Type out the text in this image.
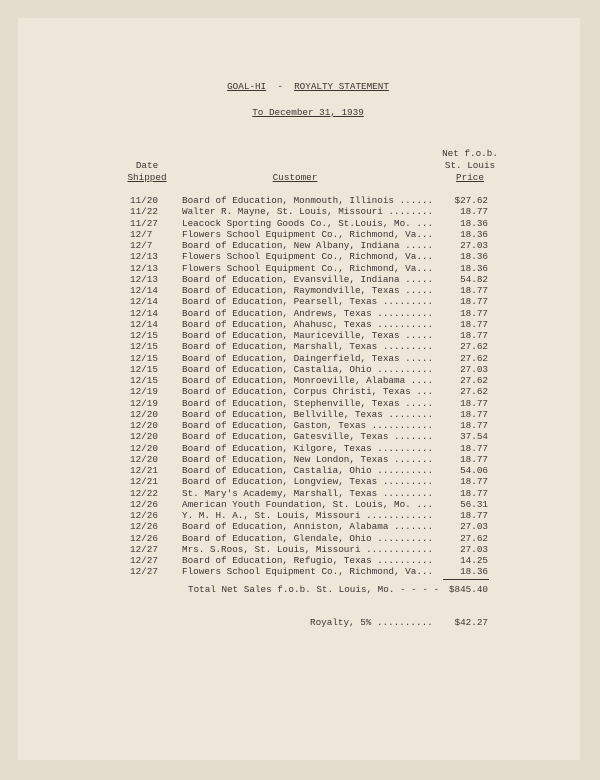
GOAL-HI - ROYALTY STATEMENT
To December 31, 1939
Date
Shipped	Customer
Net f.o.b.
St. Louis
Price
11/20	Board of Education, Monmouth, Illinois ...... $27.62
11/22	Walter R. Mayne, St. Louis, Missouri ........	18.77
11/27	Leacock Sporting Goods Co., St.Louis, Mo. ...	18.36
12/7	Flowers School Equipment Co., Richmond, Va...	18.36
12/7	Board of Education, New Albany, Indiana .....	27.03
12/13	Flowers School Equipment Co., Richmond, Va...	18.36
12/13	Flowers School Equipment Co., Richmond, Va...	18.36
12/13	Board of Education, Evansville, Indiana .....	54.82
12/14	Board of Education, Raymondville, Texas .....	18.77
12/14	Board of Education, Pearsell, Texas .........	18.77
12/14	Board of Education, Andrews, Texas ..........	18.77
12/14	Board of Education, Ahahusc, Texas ..........	18.77
12/15	Board of Education, Mauriceville, Texas .....	18.77
12/15	Board of Education, Marshall, Texas .........	27.62
12/15	Board of Education, Daingerfield, Texas .....	27.62
12/15	Board of Education, Castalia, Ohio ..........	27.03
12/15	Board of Education, Monroeville, Alabama ....	27.62
12/19	Board of Education, Corpus Christi, Texas ...	27.62
12/19	Board of Education, Stephenville, Texas .....	18.77
12/20	Board of Education, Bellville, Texas ........	18.77
12/20	Board of Education, Gaston, Texas ...........	18.77
12/20	Board of Education, Gatesville, Texas .......	37.54
12/20	Board of Education, Kilgore, Texas ..........	18.77
12/20	Board of Education, New London, Texas .......	18.77
12/21	Board of Education, Castalia, Ohio ..........	54.06
12/21	Board of Education, Longview, Texas .........	18.77
12/22	St. Mary's Academy, Marshall, Texas .........	18.77
12/26	American Youth Foundation, St. Louis, Mo. ...	56.31
12/26	Y. M. H. A., St. Louis, Missouri ............	18.77
12/26	Board of Education, Anniston, Alabama .......	27.03
12/26	Board of Education, Glendale, Ohio ..........	27.62
12/27	Mrs. S.Roos, St. Louis, Missouri ............	27.03
12/27	Board of Education, Refugio, Texas ..........	14.25
12/27	Flowers School Equipment Co., Richmond, Va...	18.36
Total Net Sales f.o.b. St. Louis, Mo. - - - - $845.40
Royalty, 5% .......... $42.27
